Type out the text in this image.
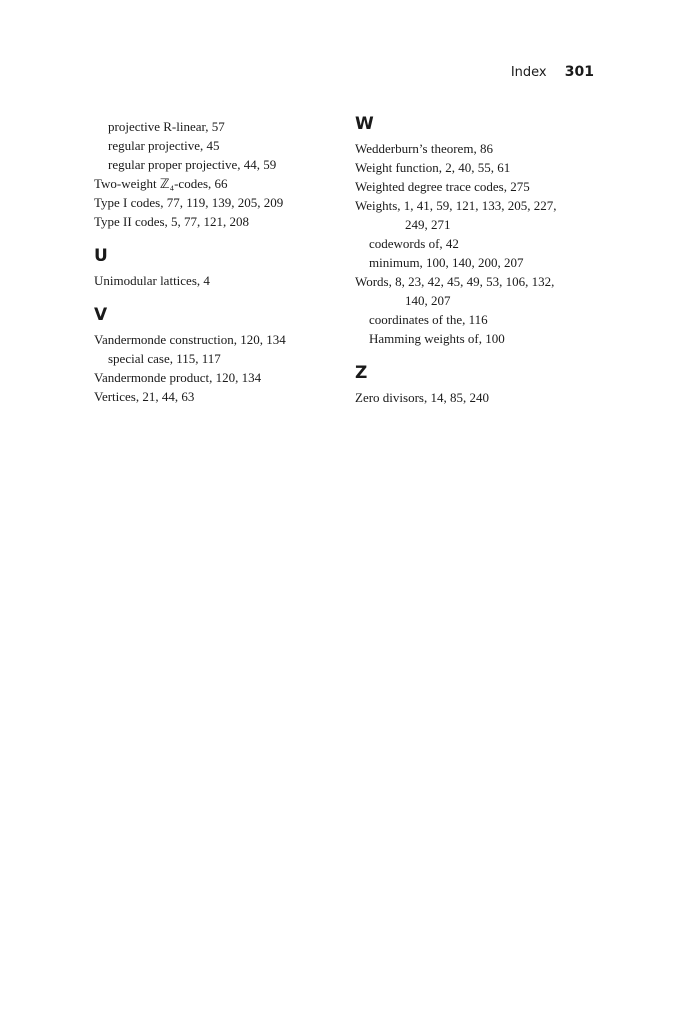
Index 301
projective R-linear, 57
regular projective, 45
regular proper projective, 44, 59
Two-weight ℤ₄-codes, 66
Type I codes, 77, 119, 139, 205, 209
Type II codes, 5, 77, 121, 208
U
Unimodular lattices, 4
V
Vandermonde construction, 120, 134
special case, 115, 117
Vandermonde product, 120, 134
Vertices, 21, 44, 63
W
Wedderburn’s theorem, 86
Weight function, 2, 40, 55, 61
Weighted degree trace codes, 275
Weights, 1, 41, 59, 121, 133, 205, 227,
249, 271
codewords of, 42
minimum, 100, 140, 200, 207
Words, 8, 23, 42, 45, 49, 53, 106, 132,
140, 207
coordinates of the, 116
Hamming weights of, 100
Z
Zero divisors, 14, 85, 240
